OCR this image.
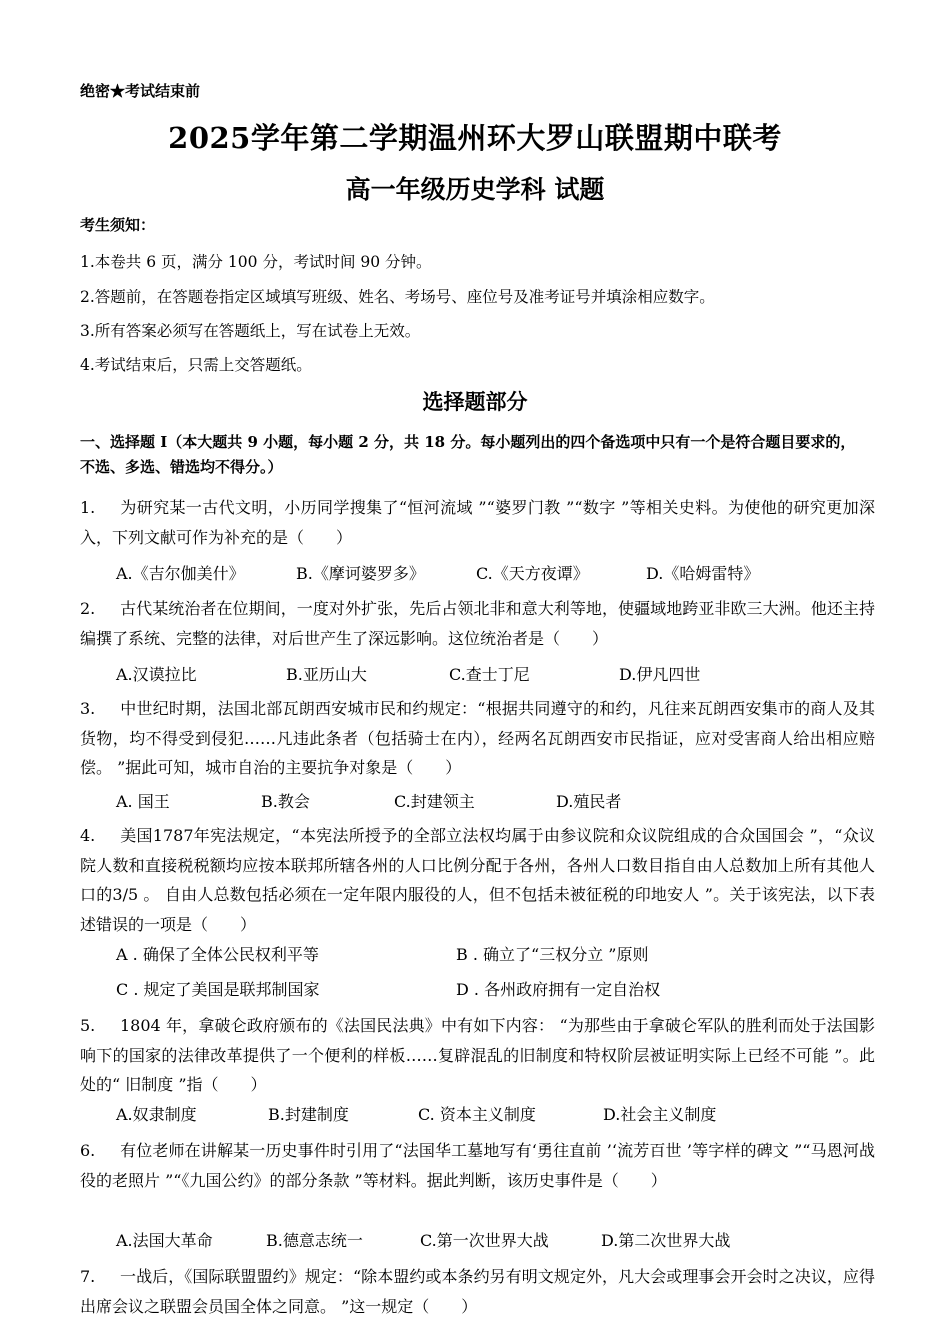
绝密★考试结束前
2025学年第二学期温州环大罗山联盟期中联考
高一年级历史学科 试题
考生须知：
1.本卷共 6 页，满分 100 分，考试时间 90 分钟。
2.答题前，在答题卷指定区域填写班级、姓名、考场号、座位号及准考证号并填涂相应数字。
3.所有答案必须写在答题纸上，写在试卷上无效。
4.考试结束后，只需上交答题纸。
选择题部分
一、选择题 Ⅰ（本大题共 9 小题，每小题 2 分，共 18 分。每小题列出的四个备选项中只有一个是符合题目要求的，不选、多选、错选均不得分。）
1. 为研究某一古代文明，小历同学搜集了“恒河流域 ”“婆罗门教 ”“数字 ”等相关史料。为使他的研究更加深入，下列文献可作为补充的是（　　）
A.《吉尔伽美什》	B.《摩诃婆罗多》	C.《天方夜谭》	D.《哈姆雷特》
2. 古代某统治者在位期间，一度对外扩张，先后占领北非和意大利等地，使疆域地跨亚非欧三大洲。他还主持编撰了系统、完整的法律，对后世产生了深远影响。这位统治者是（　　）
A.汉谟拉比	B.亚历山大	C.查士丁尼	D.伊凡四世
3. 中世纪时期，法国北部瓦朗西安城市民和约规定：“根据共同遵守的和约，凡往来瓦朗西安集市的商人及其货物，均不得受到侵犯……凡违此条者（包括骑士在内），经两名瓦朗西安市民指证，应对受害商人给出相应赔偿。 ”据此可知，城市自治的主要抗争对象是（　　）
A. 国王	B.教会	C.封建领主	D.殖民者
4. 美国1787年宪法规定，“本宪法所授予的全部立法权均属于由参议院和众议院组成的合众国国会 ”，“众议院人数和直接税税额均应按本联邦所辖各州的人口比例分配于各州，各州人口数目指自由人总数加上所有其他人口的3/5 。 自由人总数包括必须在一定年限内服役的人，但不包括未被征税的印地安人 ”。关于该宪法，以下表述错误的一项是（　　）
A . 确保了全体公民权利平等	B . 确立了“三权分立 ”原则
C . 规定了美国是联邦制国家	D . 各州政府拥有一定自治权
5. 1804 年，拿破仑政府颁布的《法国民法典》中有如下内容： “为那些由于拿破仑军队的胜利而处于法国影响下的国家的法律改革提供了一个便利的样板……复辟混乱的旧制度和特权阶层被证明实际上已经不可能 ”。此处的“ 旧制度 ”指（　　）
A.奴隶制度	B.封建制度	C. 资本主义制度	D.社会主义制度
6. 有位老师在讲解某一历史事件时引用了“法国华工墓地写有‘勇往直前 ’‘流芳百世 ’等字样的碑文 ”“马恩河战役的老照片 ”“《九国公约》的部分条款 ”等材料。据此判断，该历史事件是（　　）
A.法国大革命	B.德意志统一	C.第一次世界大战	D.第二次世界大战
7. 一战后，《国际联盟盟约》规定：“除本盟约或本条约另有明文规定外，凡大会或理事会开会时之决议，应得出席会议之联盟会员国全体之同意。 ”这一规定（　　）
